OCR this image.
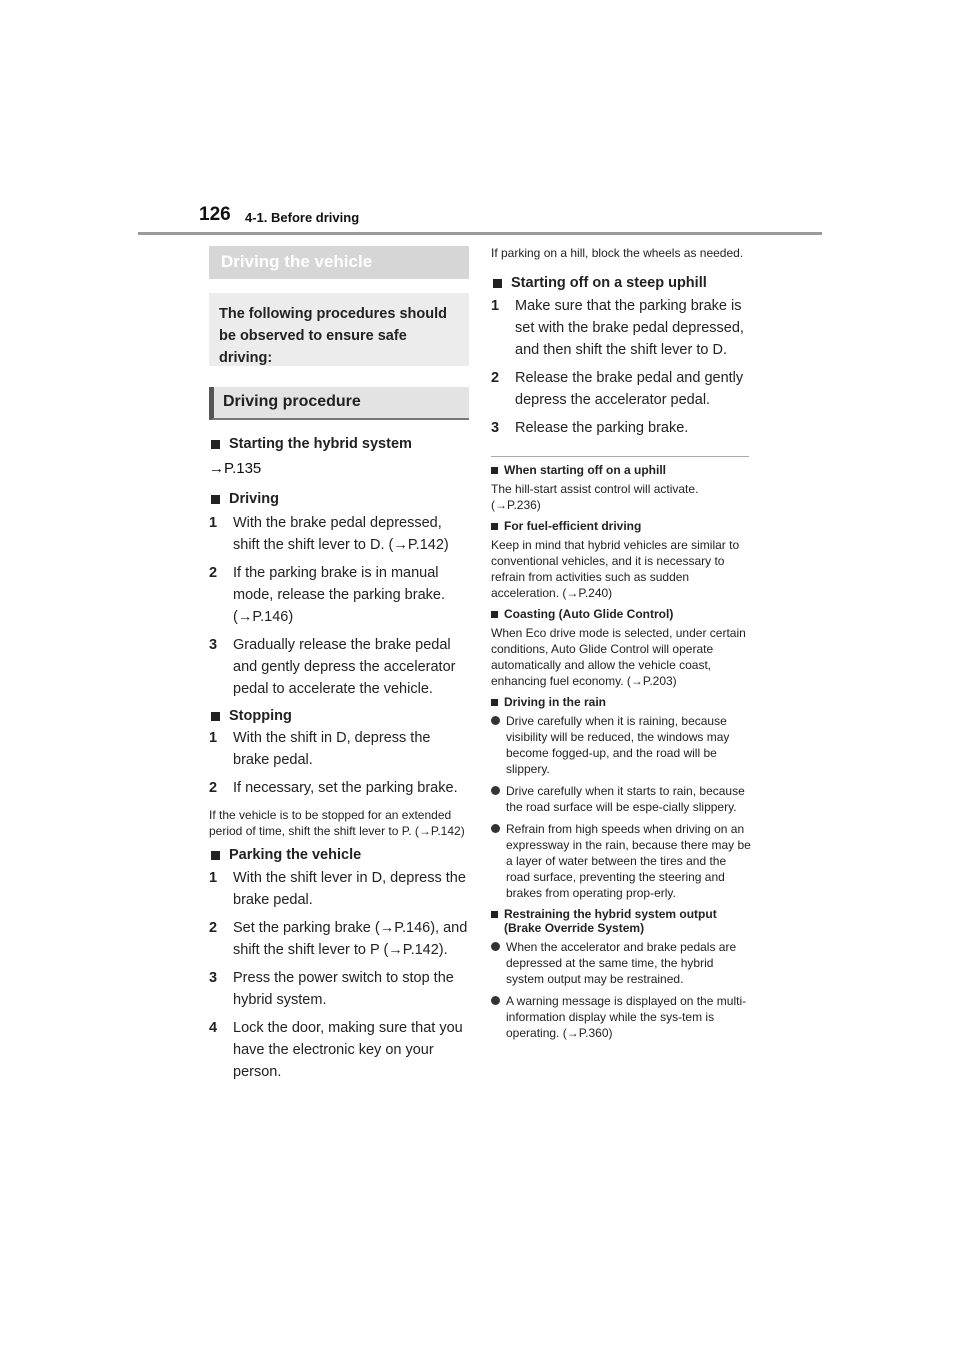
126 4-1. Before driving
Driving the vehicle

The following procedures should be observed to ensure safe driving:

Driving procedure
Starting the hybrid system
→P.135
Driving
1	With the brake pedal depressed, shift the shift lever to D. (→P.142)
2	If the parking brake is in manual mode, release the parking brake. (→P.146)
3	Gradually release the brake pedal and gently depress the accelerator pedal to accelerate the vehicle.
Stopping
1	With the shift in D, depress the brake pedal.
2	If necessary, set the parking brake.
If the vehicle is to be stopped for an extended period of time, shift the shift lever to P. (→P.142)
Parking the vehicle
1	With the shift lever in D, depress the brake pedal.
2	Set the parking brake (→P.146), and shift the shift lever to P (→P.142).
3	Press the power switch to stop the hybrid system.
4	Lock the door, making sure that you have the electronic key on your person.
If parking on a hill, block the wheels as needed.
Starting off on a steep uphill
1	Make sure that the parking brake is set with the brake pedal depressed, and then shift the shift lever to D.
2	Release the brake pedal and gently depress the accelerator pedal.
3	Release the parking brake.
When starting off on a uphill
The hill-start assist control will activate. (→P.236)
For fuel-efficient driving
Keep in mind that hybrid vehicles are similar to conventional vehicles, and it is necessary to refrain from activities such as sudden acceleration. (→P.240)
Coasting (Auto Glide Control)
When Eco drive mode is selected, under certain conditions, Auto Glide Control will operate automatically and allow the vehicle coast, enhancing fuel economy. (→P.203)
Driving in the rain
Drive carefully when it is raining, because visibility will be reduced, the windows may become fogged-up, and the road will be slippery.
Drive carefully when it starts to rain, because the road surface will be espe-cially slippery.
Refrain from high speeds when driving on an expressway in the rain, because there may be a layer of water between the tires and the road surface, preventing the steering and brakes from operating prop-erly.
Restraining the hybrid system output (Brake Override System)
When the accelerator and brake pedals are depressed at the same time, the hybrid system output may be restrained.
A warning message is displayed on the multi-information display while the sys-tem is operating. (→P.360)
